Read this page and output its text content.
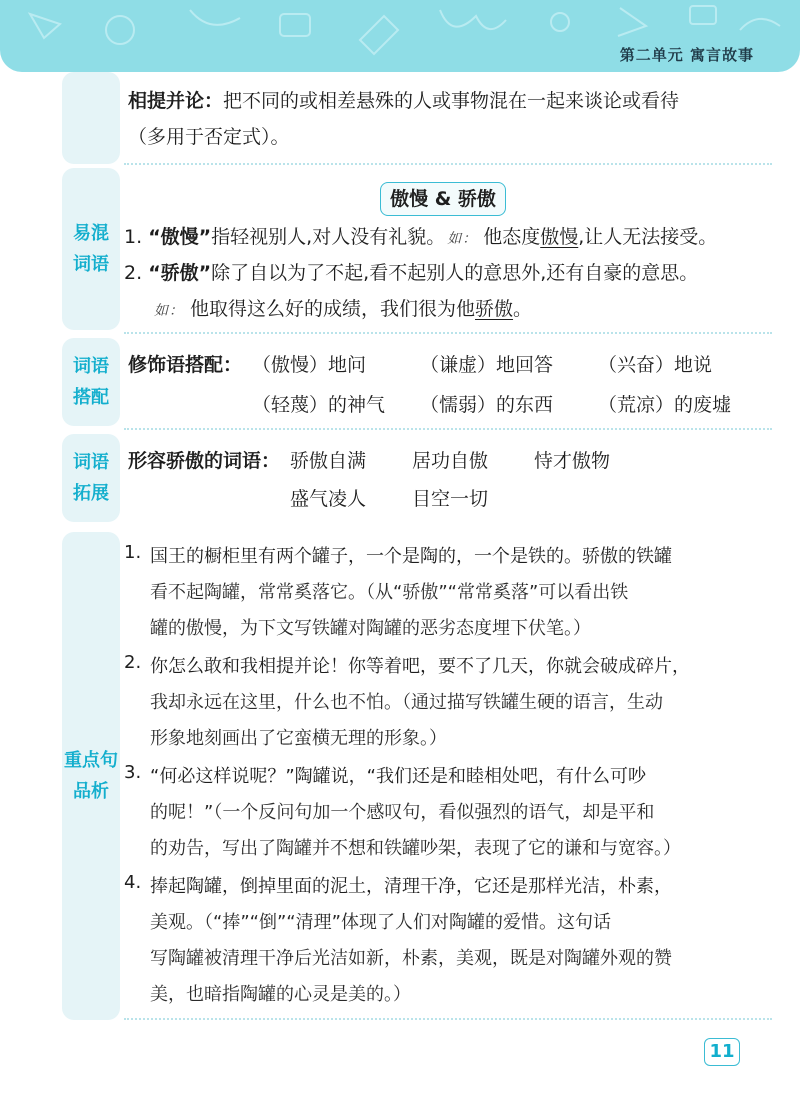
第二单元 寓言故事
相提并论：把不同的或相差悬殊的人或事物混在一起来谈论或看待
（多用于否定式）。
易混
词语
傲慢 & 骄傲
1. “傲慢”指轻视别人,对人没有礼貌。 如： 他态度傲慢,让人无法接受。
2. “骄傲”除了自以为了不起,看不起别人的意思外,还有自豪的意思。
如： 他取得这么好的成绩，我们很为他骄傲。
词语
搭配
修饰语搭配： （傲慢）地问	（谦虚）地回答 （兴奋）地说
（轻蔑）的神气 （懦弱）的东西 （荒凉）的废墟
词语
拓展
形容骄傲的词语： 骄傲自满 居功自傲 恃才傲物
盛气凌人 目空一切
重点句
品析
1. 国王的橱柜里有两个罐子，一个是陶的，一个是铁的。骄傲的铁罐
看不起陶罐，常常奚落它。（从“骄傲”“常常奚落”可以看出铁
罐的傲慢，为下文写铁罐对陶罐的恶劣态度埋下伏笔。）
2. 你怎么敢和我相提并论！你等着吧，要不了几天，你就会破成碎片，
我却永远在这里，什么也不怕。（通过描写铁罐生硬的语言，生动
形象地刻画出了它蛮横无理的形象。）
3. “何必这样说呢？”陶罐说，“我们还是和睦相处吧，有什么可吵
的呢！”（一个反问句加一个感叹句，看似强烈的语气，却是平和
的劝告，写出了陶罐并不想和铁罐吵架，表现了它的谦和与宽容。）
4. 捧起陶罐，倒掉里面的泥土，清理干净，它还是那样光洁，朴素，
美观。（“捧”“倒”“清理”体现了人们对陶罐的爱惜。这句话
写陶罐被清理干净后光洁如新，朴素，美观，既是对陶罐外观的赞
美，也暗指陶罐的心灵是美的。）
11
